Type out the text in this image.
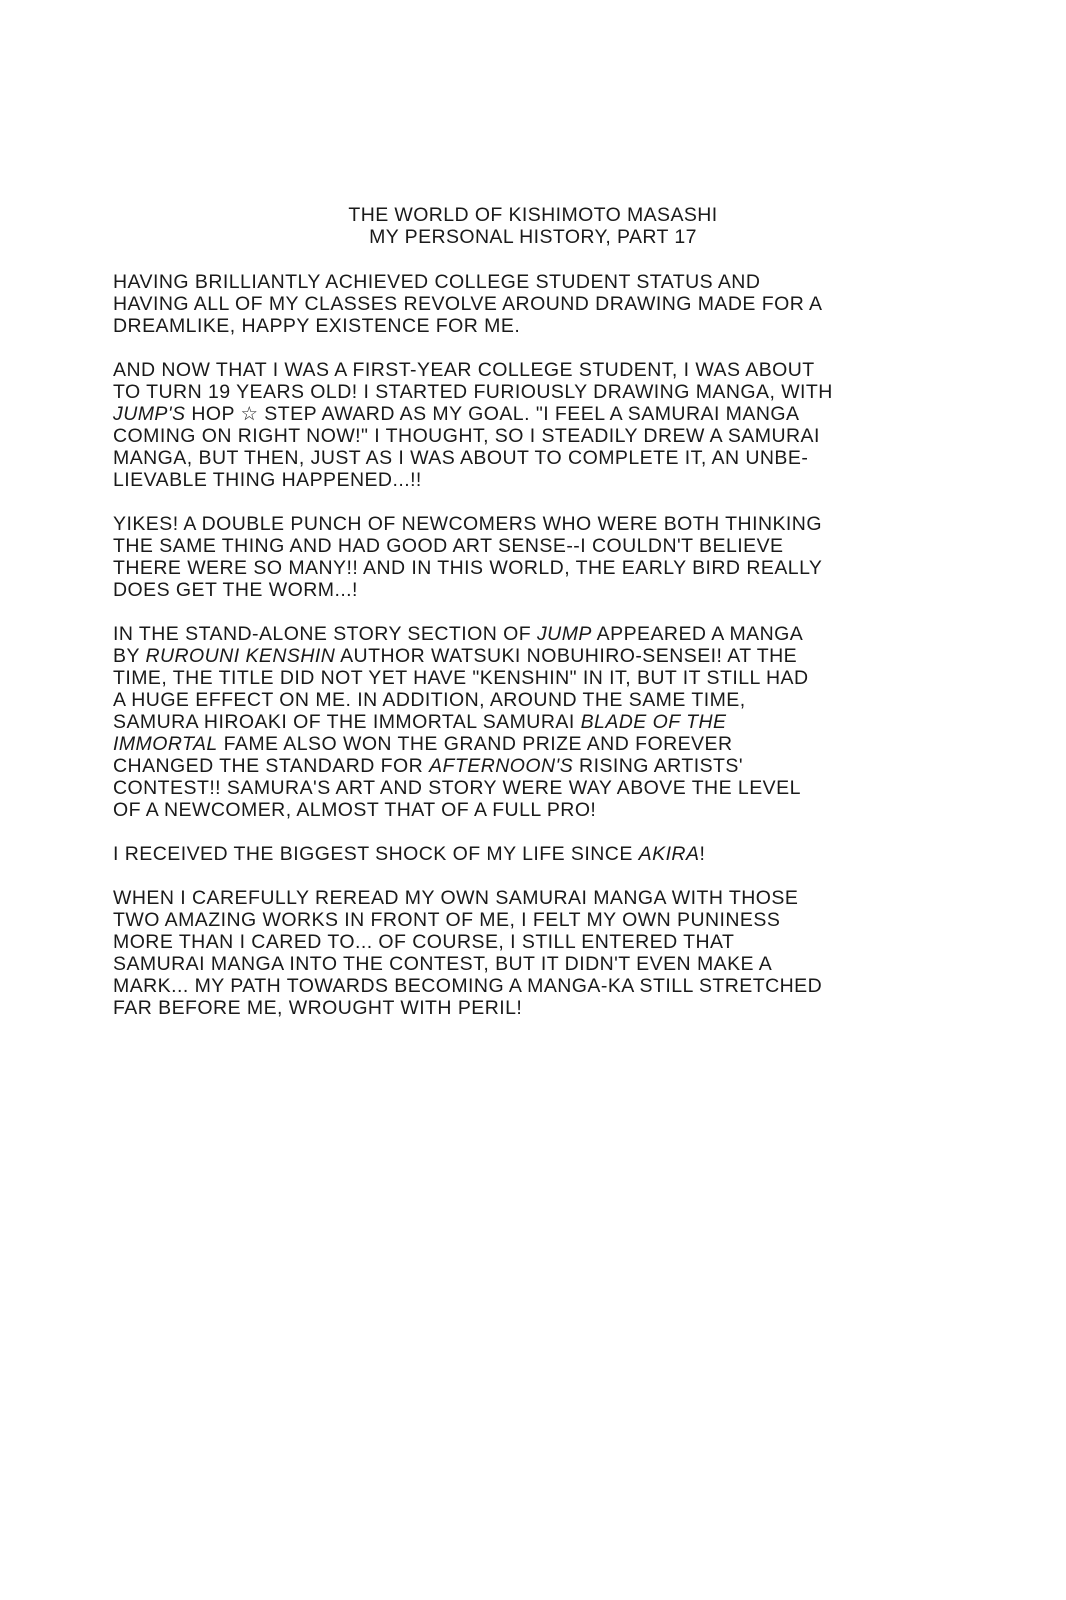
THE WORLD OF KISHIMOTO MASASHI
MY PERSONAL HISTORY, PART 17
HAVING BRILLIANTLY ACHIEVED COLLEGE STUDENT STATUS AND
HAVING ALL OF MY CLASSES REVOLVE AROUND DRAWING MADE FOR A
DREAMLIKE, HAPPY EXISTENCE FOR ME.
AND NOW THAT I WAS A FIRST-YEAR COLLEGE STUDENT, I WAS ABOUT
TO TURN 19 YEARS OLD! I STARTED FURIOUSLY DRAWING MANGA, WITH
JUMP'S HOP ☆ STEP AWARD AS MY GOAL. "I FEEL A SAMURAI MANGA
COMING ON RIGHT NOW!" I THOUGHT, SO I STEADILY DREW A SAMURAI
MANGA, BUT THEN, JUST AS I WAS ABOUT TO COMPLETE IT, AN UNBE-
LIEVABLE THING HAPPENED...!!
YIKES! A DOUBLE PUNCH OF NEWCOMERS WHO WERE BOTH THINKING
THE SAME THING AND HAD GOOD ART SENSE--I COULDN'T BELIEVE
THERE WERE SO MANY!! AND IN THIS WORLD, THE EARLY BIRD REALLY
DOES GET THE WORM...!
IN THE STAND-ALONE STORY SECTION OF JUMP APPEARED A MANGA
BY RUROUNI KENSHIN AUTHOR WATSUKI NOBUHIRO-SENSEI! AT THE
TIME, THE TITLE DID NOT YET HAVE "KENSHIN" IN IT, BUT IT STILL HAD
A HUGE EFFECT ON ME. IN ADDITION, AROUND THE SAME TIME,
SAMURA HIROAKI OF THE IMMORTAL SAMURAI BLADE OF THE
IMMORTAL FAME ALSO WON THE GRAND PRIZE AND FOREVER
CHANGED THE STANDARD FOR AFTERNOON'S RISING ARTISTS'
CONTEST!! SAMURA'S ART AND STORY WERE WAY ABOVE THE LEVEL
OF A NEWCOMER, ALMOST THAT OF A FULL PRO!
I RECEIVED THE BIGGEST SHOCK OF MY LIFE SINCE AKIRA!
WHEN I CAREFULLY REREAD MY OWN SAMURAI MANGA WITH THOSE
TWO AMAZING WORKS IN FRONT OF ME, I FELT MY OWN PUNINESS
MORE THAN I CARED TO... OF COURSE, I STILL ENTERED THAT
SAMURAI MANGA INTO THE CONTEST, BUT IT DIDN'T EVEN MAKE A
MARK... MY PATH TOWARDS BECOMING A MANGA-KA STILL STRETCHED
FAR BEFORE ME, WROUGHT WITH PERIL!
